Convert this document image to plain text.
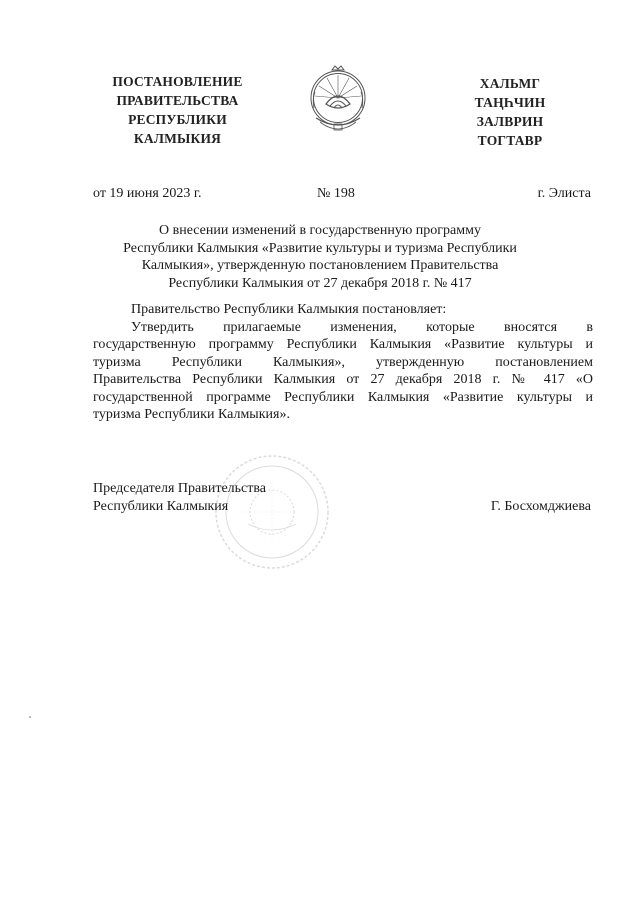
ПОСТАНОВЛЕНИЕ
ПРАВИТЕЛЬСТВА
РЕСПУБЛИКИ
КАЛМЫКИЯ
ХАЛЬМГ
ТАҢҺЧИН
ЗАЛВРИН
ТОГТАВР
от 19 июня 2023 г.	№ 198	г. Элиста
О внесении изменений в государственную программу
Республики Калмыкия «Развитие культуры и туризма Республики
Калмыкия», утвержденную постановлением Правительства
Республики Калмыкия от 27 декабря 2018 г. № 417
Правительство Республики Калмыкия постановляет:
Утвердить прилагаемые изменения, которые вносятся в
государственную программу Республики Калмыкия «Развитие культуры и
туризма Республики Калмыкия», утвержденную постановлением
Правительства Республики Калмыкия от 27 декабря 2018 г. № 417 «О
государственной программе Республики Калмыкия «Развитие культуры и
туризма Республики Калмыкия».
Председателя Правительства
Республики Калмыкия	Г. Босхомджиева
